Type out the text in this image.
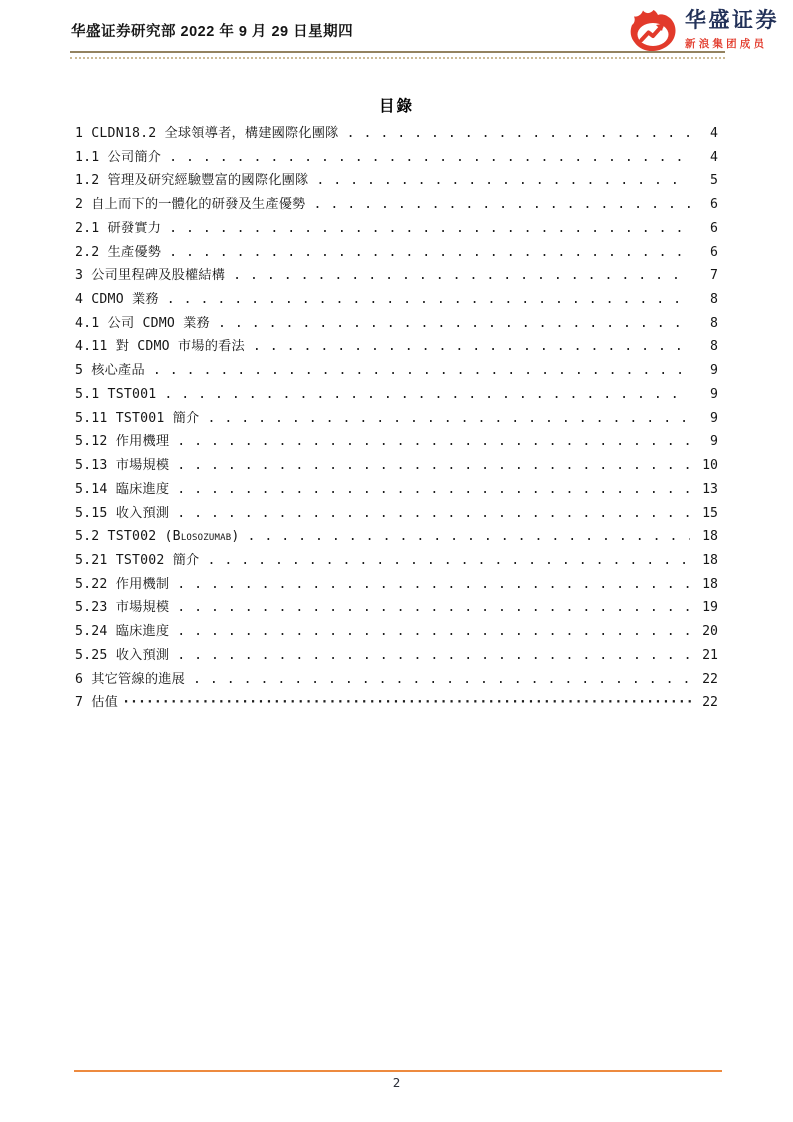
华盛证券研究部 2022 年 9 月 29 日星期四	华盛证券
新浪集团成员
目錄
1 CLDN18.2 全球領導者，構建國際化團隊 . . .	4
1.1 公司簡介 . . .	4
1.2 管理及研究經驗豐富的國際化團隊 . . .	5
2 自上而下的一體化的研發及生產優勢 . . .	6
2.1 研發實力 . . .	6
2.2 生產優勢 . . .	6
3 公司里程碑及股權結構 . . .	7
4 CDMO 業務 . . .	8
4.1 公司 CDMO 業務 . . .	8
4.11 對 CDMO 市場的看法 . . .	8
5 核心產品 . . .	9
5.1 TST001 . . .	9
5.11 TST001 簡介 . . .	9
5.12 作用機理 . . .	9
5.13 市場規模 . . .	10
5.14 臨床進度 . . .	13
5.15 收入預測 . . .	15
5.2 TST002 (Blosozumab) . . .	18
5.21 TST002 簡介 . . .	18
5.22 作用機制 . . .	18
5.23 市場規模 . . .	19
5.24 臨床進度 . . .	20
5.25 收入預測 . . .	21
6 其它管線的進展 . . .	22
7 估值 ·····	22
2
